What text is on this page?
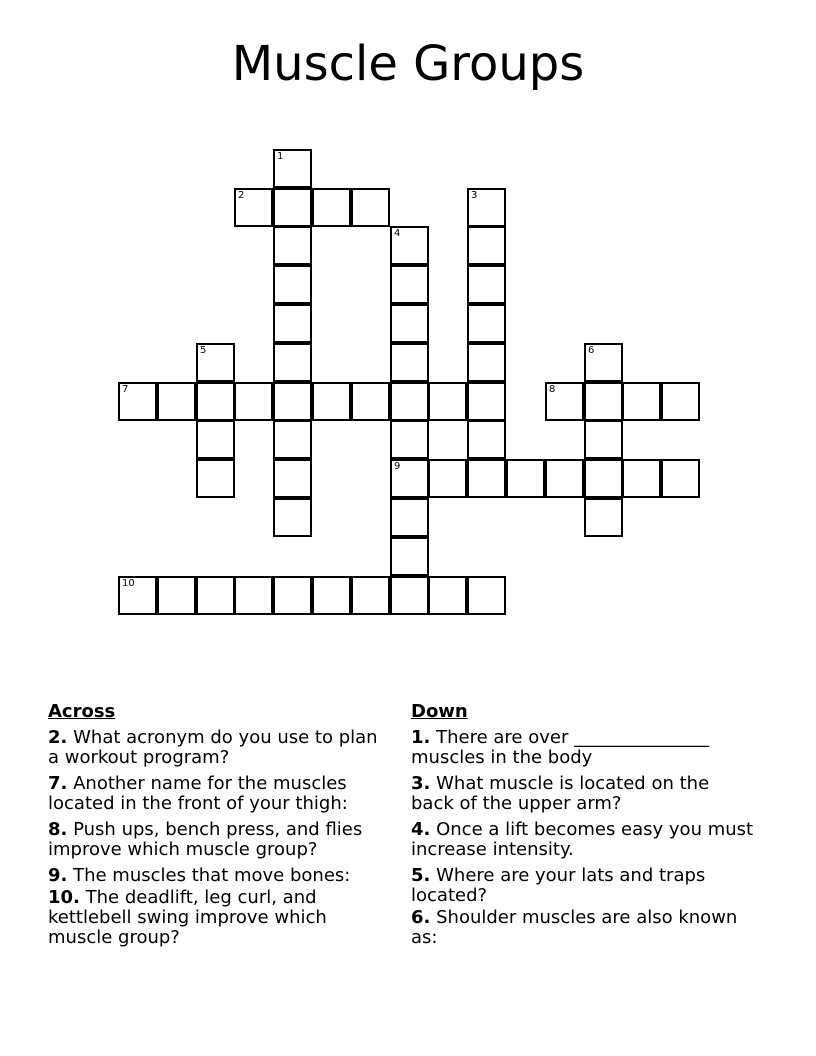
Muscle Groups
1
2	3
4
9
5	6
7	8
10
Across
2. What acronym do you use to plan a workout program?
7. Another name for the muscles located in the front of your thigh:
8. Push ups, bench press, and flies improve which muscle group?
9. The muscles that move bones:
10. The deadlift, leg curl, and kettlebell swing improve which muscle group?
Down
1. There are over _______________ muscles in the body
3. What muscle is located on the back of the upper arm?
4. Once a lift becomes easy you must increase intensity.
5. Where are your lats and traps located?
6. Shoulder muscles are also known as:
